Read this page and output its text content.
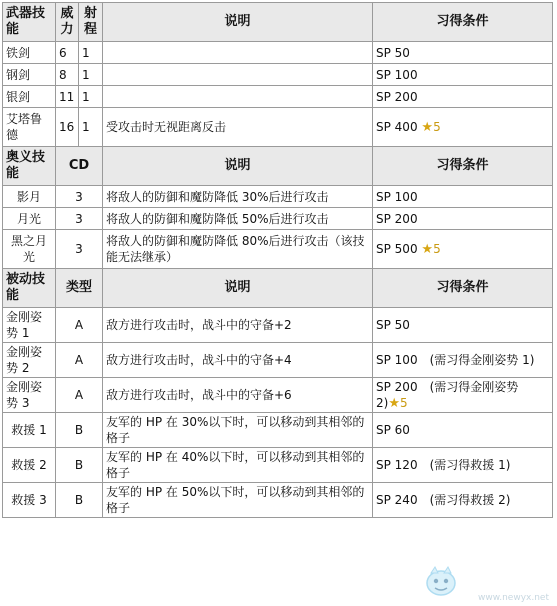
武器技能	威力	射程	说明	习得条件
铁剑	6	1		SP 50
钢剑	8	1		SP 100
银剑	11	1		SP 200
艾塔鲁德	16	1	受攻击时无视距离反击	SP 400 ★5
奥义技能	CD		说明	习得条件
影月	3		将敌人的防御和魔防降低 30%后进行攻击	SP 100
月光	3		将敌人的防御和魔防降低 50%后进行攻击	SP 200
黑之月光	3		将敌人的防御和魔防降低 80%后进行攻击（该技能无法继承）	SP 500 ★5
被动技能	类型		说明	习得条件
金刚姿势 1	A		敌方进行攻击时，战斗中的守备+2	SP 50
金刚姿势 2	A		敌方进行攻击时，战斗中的守备+4	SP 100　(需习得金刚姿势 1)
金刚姿势 3	A		敌方进行攻击时，战斗中的守备+6	SP 200　(需习得金刚姿势 2)★5
救援 1	B		友军的 HP 在 30%以下时，可以移动到其相邻的格子	SP 60
救援 2	B		友军的 HP 在 40%以下时，可以移动到其相邻的格子	SP 120　(需习得救援 1)
救援 3	B		友军的 HP 在 50%以下时，可以移动到其相邻的格子	SP 240　(需习得救援 2)
www.newyx.net
